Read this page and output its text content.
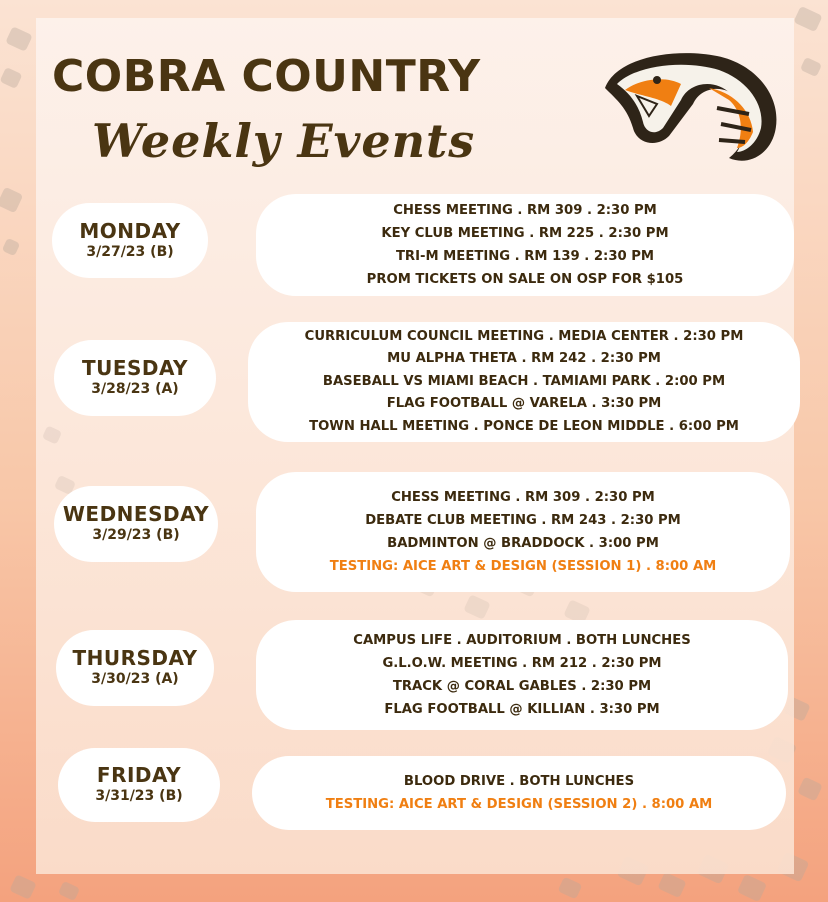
COBRA COUNTRY
Weekly Events
MONDAY
3/27/23 (B)
CHESS MEETING . RM 309 . 2:30 PM
KEY CLUB MEETING . RM 225 . 2:30 PM
TRI-M MEETING . RM 139 . 2:30 PM
PROM TICKETS ON SALE ON OSP FOR $105
TUESDAY
3/28/23 (A)
CURRICULUM COUNCIL MEETING . MEDIA CENTER . 2:30 PM
MU ALPHA THETA . RM 242 . 2:30 PM
BASEBALL VS MIAMI BEACH . TAMIAMI PARK . 2:00 PM
FLAG FOOTBALL @ VARELA . 3:30 PM
TOWN HALL MEETING . PONCE DE LEON MIDDLE . 6:00 PM
WEDNESDAY
3/29/23 (B)
CHESS MEETING . RM 309 . 2:30 PM
DEBATE CLUB MEETING . RM 243 . 2:30 PM
BADMINTON @ BRADDOCK . 3:00 PM
TESTING: AICE ART & DESIGN (SESSION 1) . 8:00 AM
THURSDAY
3/30/23 (A)
CAMPUS LIFE . AUDITORIUM . BOTH LUNCHES
G.L.O.W. MEETING . RM 212 . 2:30 PM
TRACK @ CORAL GABLES . 2:30 PM
FLAG FOOTBALL @ KILLIAN . 3:30 PM
FRIDAY
3/31/23 (B)
BLOOD DRIVE . BOTH LUNCHES
TESTING: AICE ART & DESIGN (SESSION 2) . 8:00 AM
